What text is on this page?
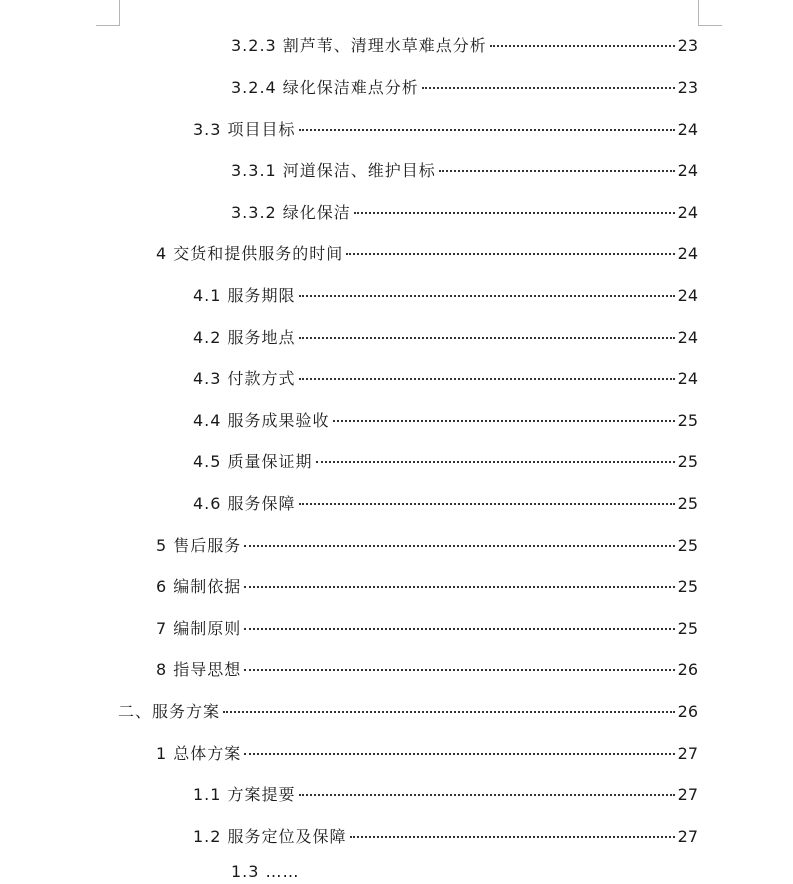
3.2.3 割芦苇、清理水草难点分析	23
3.2.4 绿化保洁难点分析	23
3.3 项目目标	24
3.3.1 河道保洁、维护目标	24
3.3.2 绿化保洁	24
4 交货和提供服务的时间	24
4.1 服务期限	24
4.2 服务地点	24
4.3 付款方式	24
4.4 服务成果验收	25
4.5 质量保证期	25
4.6 服务保障	25
5 售后服务	25
6 编制依据	25
7 编制原则	25
8 指导思想	26
二、服务方案	26
1 总体方案	27
1.1 方案提要	27
1.2 服务定位及保障	27
1.3 ……
